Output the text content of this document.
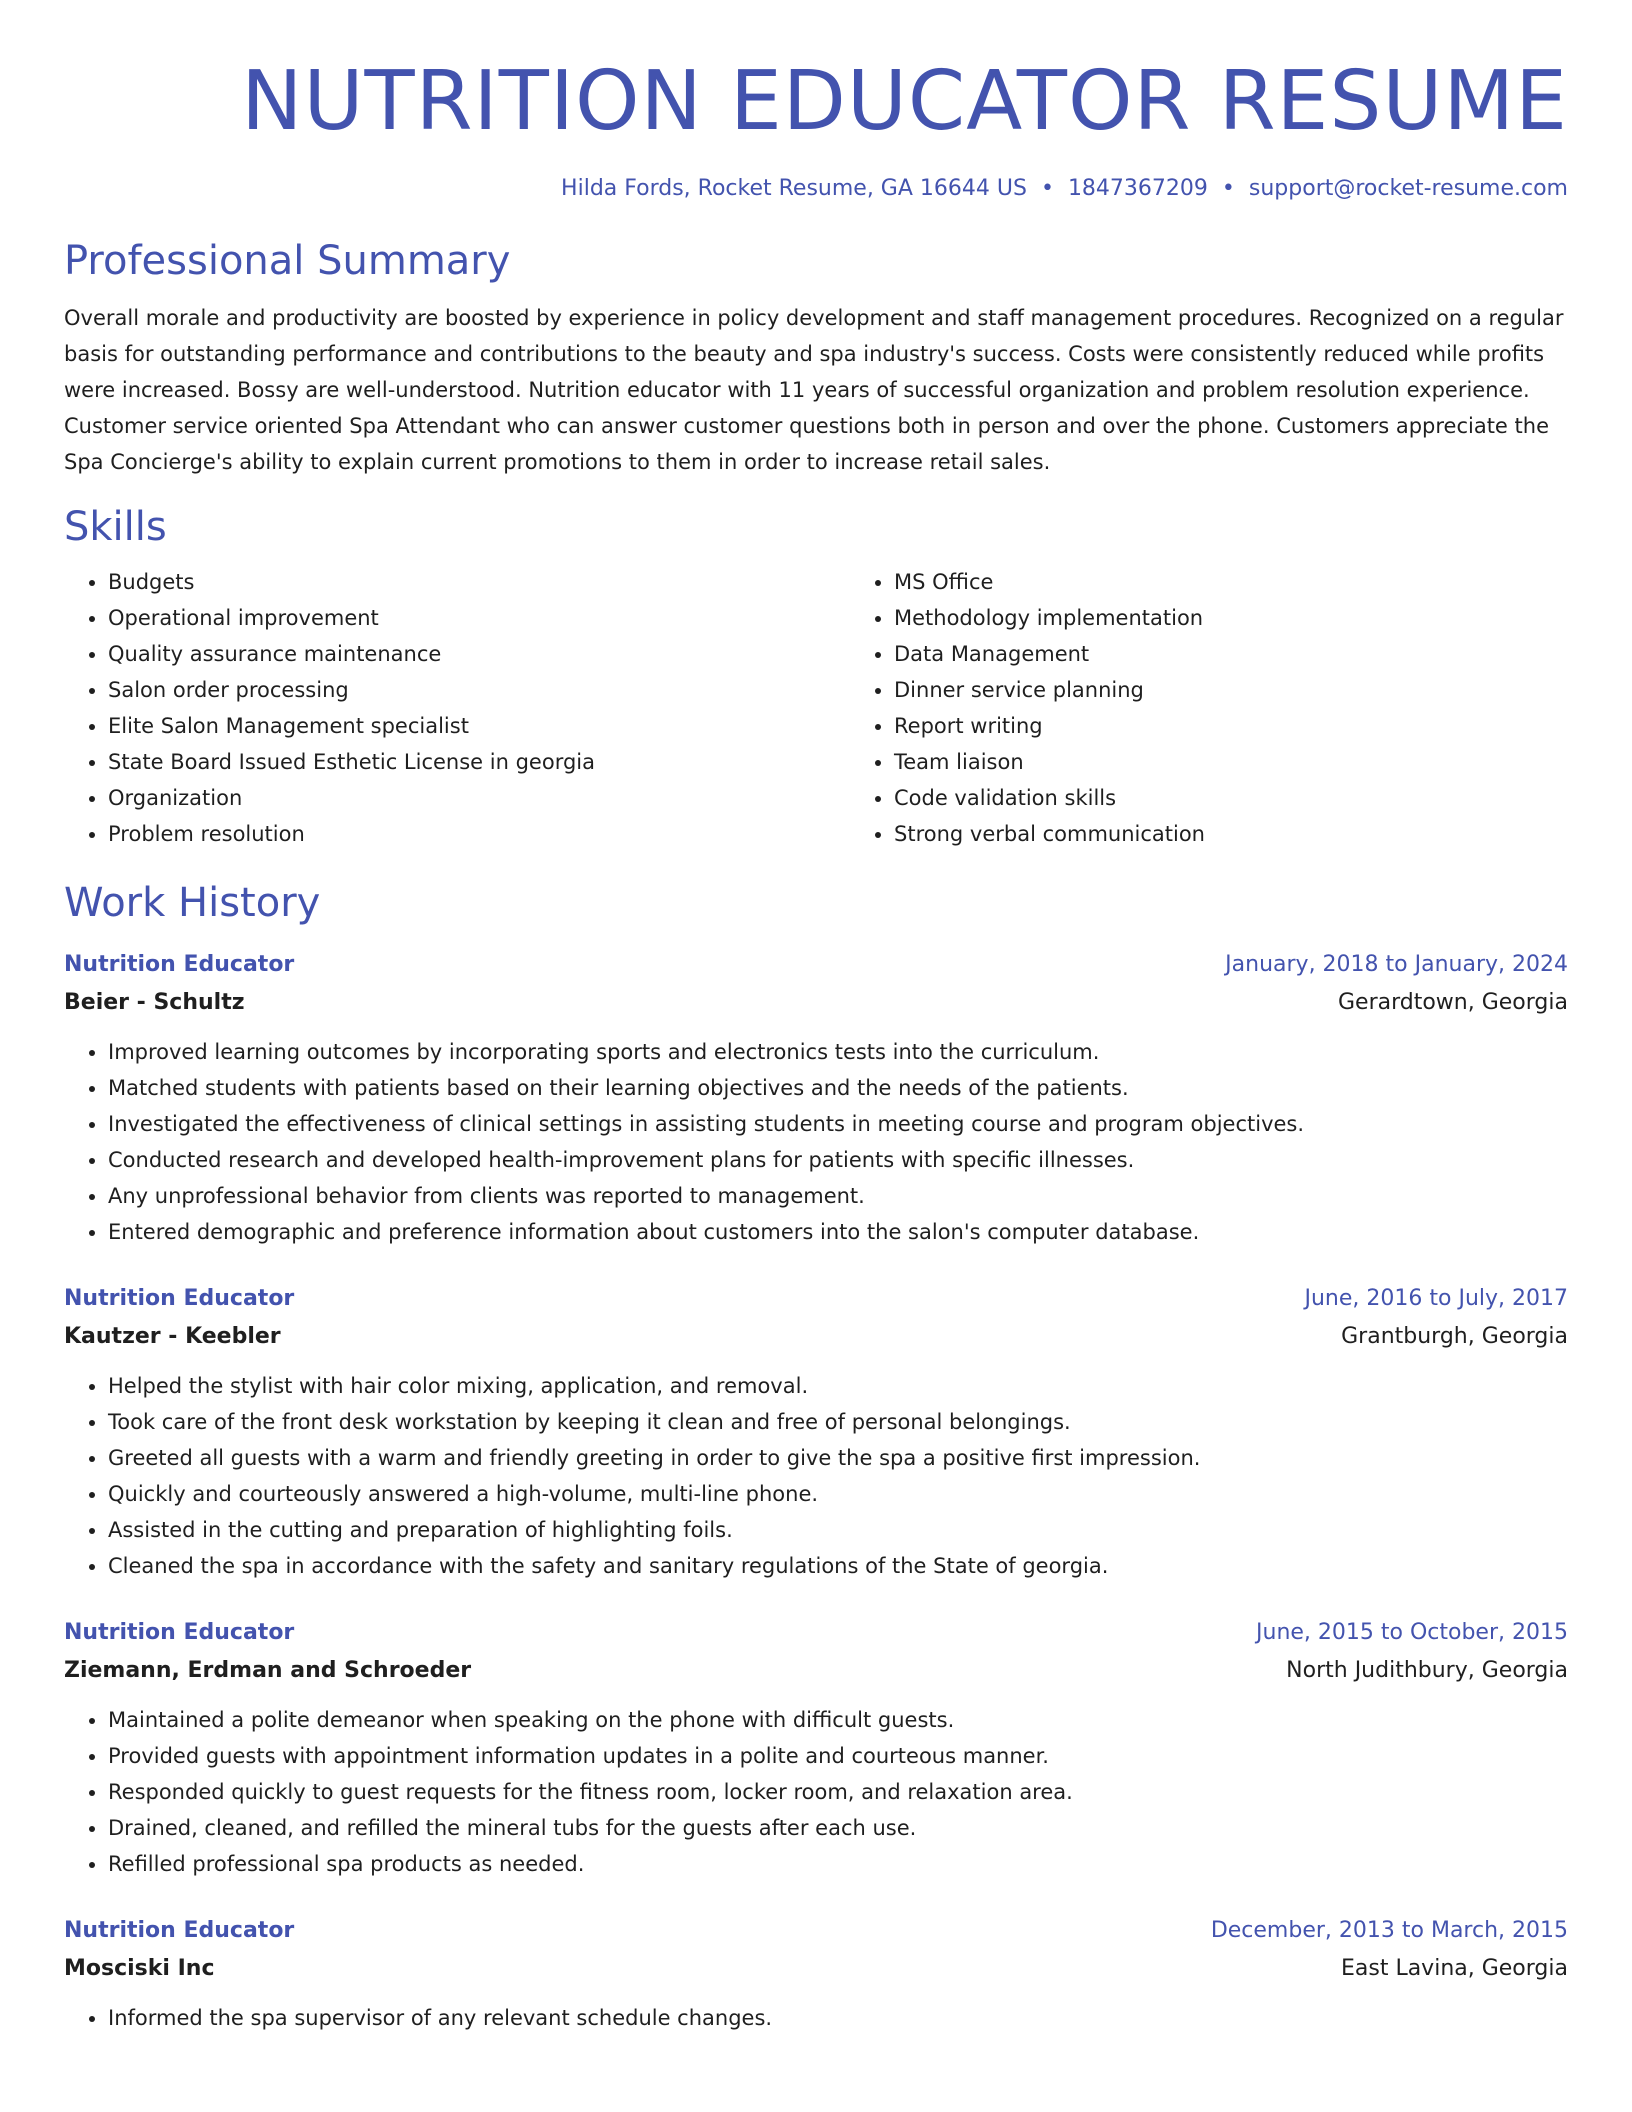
NUTRITION EDUCATOR RESUME
Hilda Fords, Rocket Resume, GA 16644 US • 1847367209 • support@rocket-resume.com
Professional Summary

Overall morale and productivity are boosted by experience in policy development and staff management procedures. Recognized on a regular basis for outstanding performance and contributions to the beauty and spa industry's success. Costs were consistently reduced while profits were increased. Bossy are well-understood. Nutrition educator with 11 years of successful organization and problem resolution experience. Customer service oriented Spa Attendant who can answer customer questions both in person and over the phone. Customers appreciate the Spa Concierge's ability to explain current promotions to them in order to increase retail sales.

Skills
• Budgets
• Operational improvement
• Quality assurance maintenance
• Salon order processing
• Elite Salon Management specialist
• State Board Issued Esthetic License in georgia
• Organization
• Problem resolution
• MS Office
• Methodology implementation
• Data Management
• Dinner service planning
• Report writing
• Team liaison
• Code validation skills
• Strong verbal communication
Work History
Nutrition Educator	January, 2018 to January, 2024
Beier - Schultz	Gerardtown, Georgia
• Improved learning outcomes by incorporating sports and electronics tests into the curriculum.
• Matched students with patients based on their learning objectives and the needs of the patients.
• Investigated the effectiveness of clinical settings in assisting students in meeting course and program objectives.
• Conducted research and developed health-improvement plans for patients with specific illnesses.
• Any unprofessional behavior from clients was reported to management.
• Entered demographic and preference information about customers into the salon's computer database.
Nutrition Educator	June, 2016 to July, 2017
Kautzer - Keebler	Grantburgh, Georgia
• Helped the stylist with hair color mixing, application, and removal.
• Took care of the front desk workstation by keeping it clean and free of personal belongings.
• Greeted all guests with a warm and friendly greeting in order to give the spa a positive first impression.
• Quickly and courteously answered a high-volume, multi-line phone.
• Assisted in the cutting and preparation of highlighting foils.
• Cleaned the spa in accordance with the safety and sanitary regulations of the State of georgia.
Nutrition Educator	June, 2015 to October, 2015
Ziemann, Erdman and Schroeder	North Judithbury, Georgia
• Maintained a polite demeanor when speaking on the phone with difficult guests.
• Provided guests with appointment information updates in a polite and courteous manner.
• Responded quickly to guest requests for the fitness room, locker room, and relaxation area.
• Drained, cleaned, and refilled the mineral tubs for the guests after each use.
• Refilled professional spa products as needed.
Nutrition Educator	December, 2013 to March, 2015
Mosciski Inc	East Lavina, Georgia
• Informed the spa supervisor of any relevant schedule changes.
